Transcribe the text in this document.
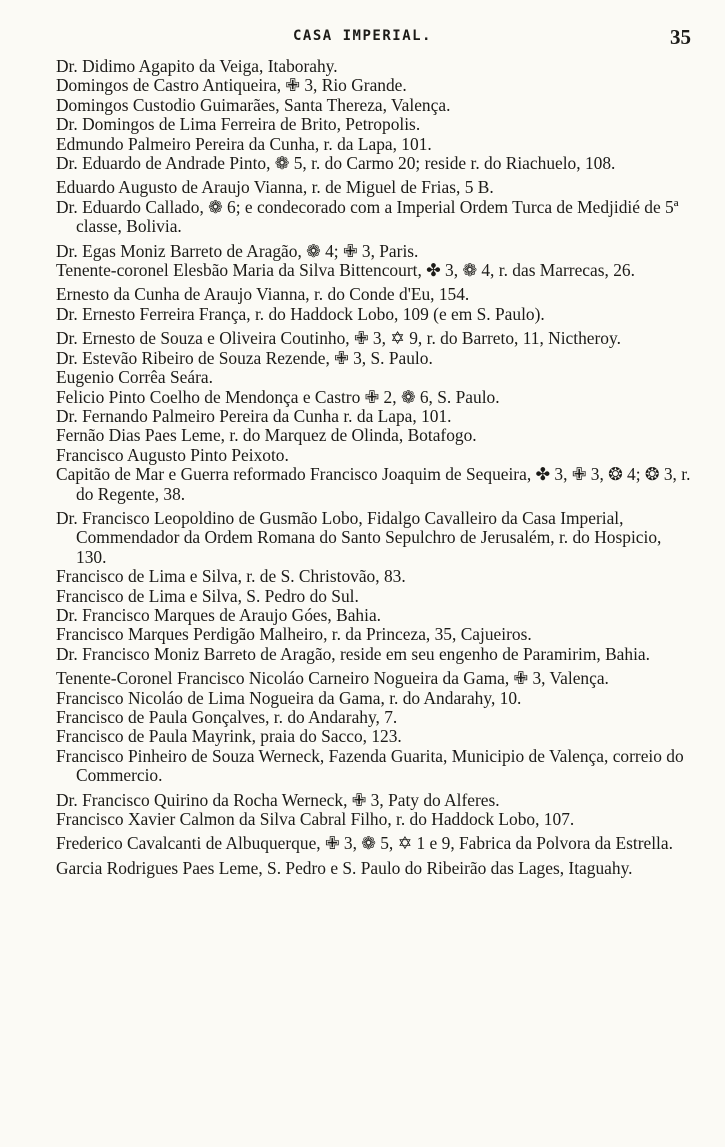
CASA IMPERIAL.	35

Dr. Didimo Agapito da Veiga, Itaborahy.

Domingos de Castro Antiqueira, ✙ 3, Rio Grande.

Domingos Custodio Guimarães, Santa Thereza, Valença.

Dr. Domingos de Lima Ferreira de Brito, Petropolis.

Edmundo Palmeiro Pereira da Cunha, r. da Lapa, 101.

Dr. Eduardo de Andrade Pinto, ❁ 5, r. do Carmo 20; reside r. do Riachuelo, 108.

Eduardo Augusto de Araujo Vianna, r. de Miguel de Frias, 5 B.

Dr. Eduardo Callado, ❁ 6; e condecorado com a Imperial Ordem Turca de Medjidié de 5ª classe, Bolivia.

Dr. Egas Moniz Barreto de Aragão, ❁ 4; ✙ 3, Paris.

Tenente-coronel Elesbão Maria da Silva Bittencourt, ✤ 3, ❁ 4, r. das Marrecas, 26.

Ernesto da Cunha de Araujo Vianna, r. do Conde d'Eu, 154.

Dr. Ernesto Ferreira França, r. do Haddock Lobo, 109 (e em S. Paulo).

Dr. Ernesto de Souza e Oliveira Coutinho, ✙ 3, ✡ 9, r. do Barreto, 11, Nictheroy.

Dr. Estevão Ribeiro de Souza Rezende, ✙ 3, S. Paulo.

Eugenio Corrêa Seára.

Felicio Pinto Coelho de Mendonça e Castro ✙ 2, ❁ 6, S. Paulo.

Dr. Fernando Palmeiro Pereira da Cunha r. da Lapa, 101.

Fernão Dias Paes Leme, r. do Marquez de Olinda, Botafogo.

Francisco Augusto Pinto Peixoto.

Capitão de Mar e Guerra reformado Francisco Joaquim de Sequeira, ✤ 3, ✙ 3, ❂ 4; ❂ 3, r. do Regente, 38.

Dr. Francisco Leopoldino de Gusmão Lobo, Fidalgo Cavalleiro da Casa Imperial, Commendador da Ordem Romana do Santo Sepulchro de Jerusalém, r. do Hospicio, 130.

Francisco de Lima e Silva, r. de S. Christovão, 83.

Francisco de Lima e Silva, S. Pedro do Sul.

Dr. Francisco Marques de Araujo Góes, Bahia.

Francisco Marques Perdigão Malheiro, r. da Princeza, 35, Cajueiros.

Dr. Francisco Moniz Barreto de Aragão, reside em seu engenho de Paramirim, Bahia.

Tenente-Coronel Francisco Nicoláo Carneiro Nogueira da Gama, ✙ 3, Valença.

Francisco Nicoláo de Lima Nogueira da Gama, r. do Andarahy, 10.

Francisco de Paula Gonçalves, r. do Andarahy, 7.

Francisco de Paula Mayrink, praia do Sacco, 123.

Francisco Pinheiro de Souza Werneck, Fazenda Guarita, Municipio de Valença, correio do Commercio.

Dr. Francisco Quirino da Rocha Werneck, ✙ 3, Paty do Alferes.

Francisco Xavier Calmon da Silva Cabral Filho, r. do Haddock Lobo, 107.

Frederico Cavalcanti de Albuquerque, ✙ 3, ❁ 5, ✡ 1 e 9, Fabrica da Polvora da Estrella.

Garcia Rodrigues Paes Leme, S. Pedro e S. Paulo do Ribeirão das Lages, Itaguahy.
